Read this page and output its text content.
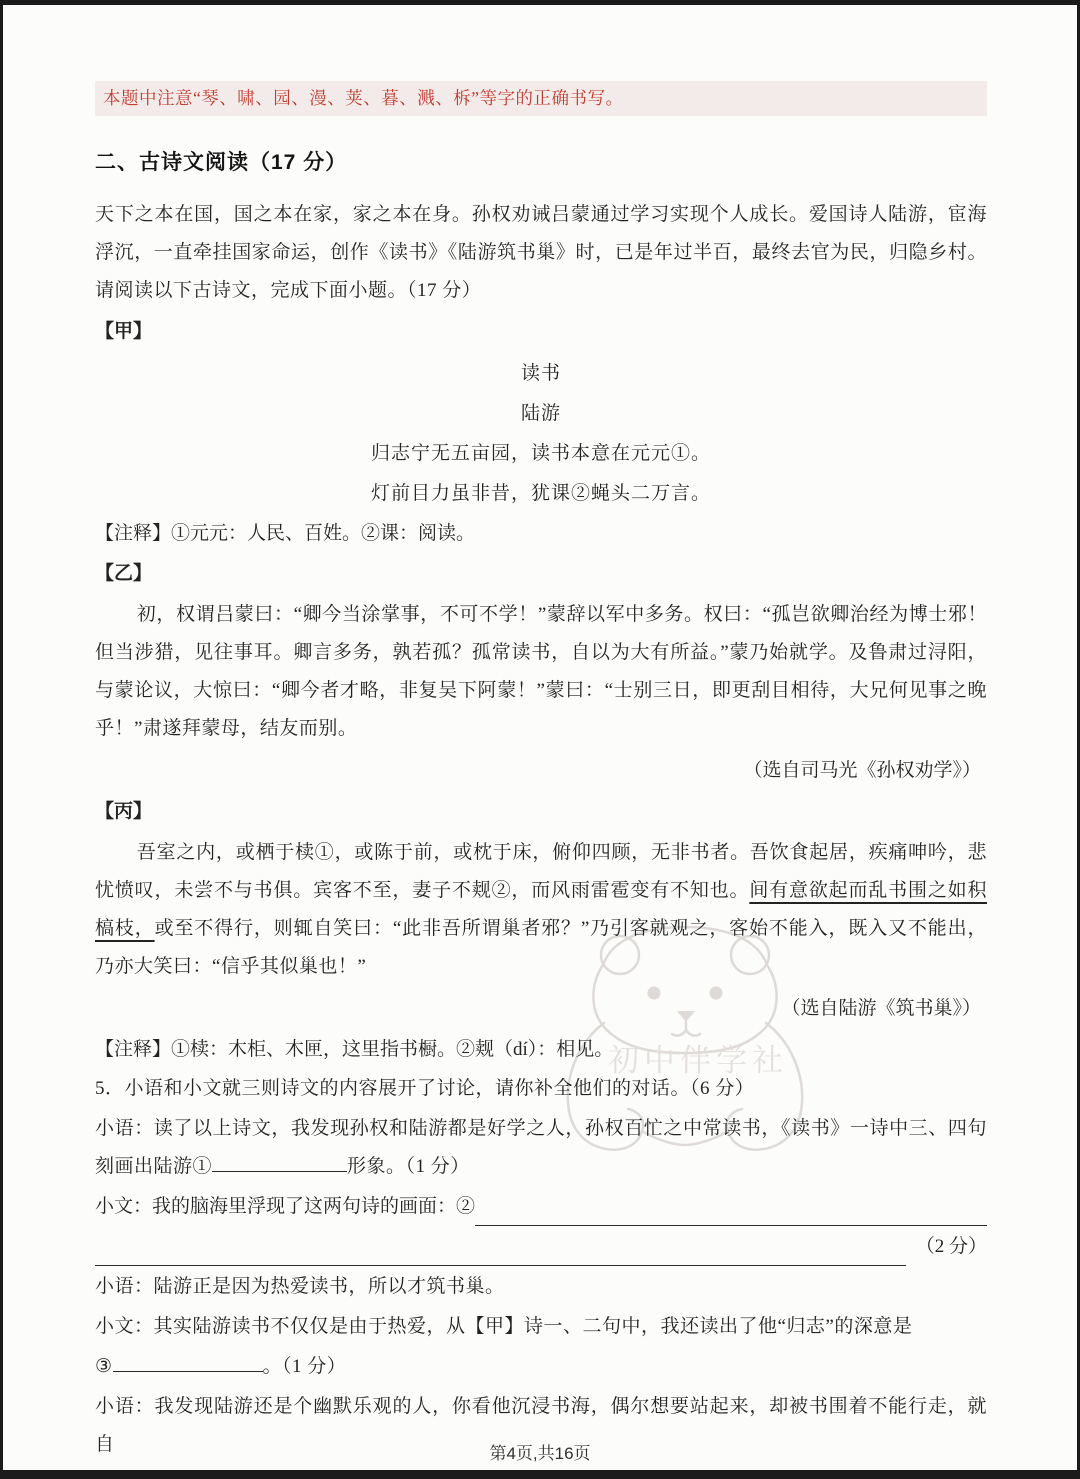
初中伴学社
本题中注意“琴、啸、园、漫、荚、暮、溅、柝”等字的正确书写。
二、古诗文阅读（17 分）

天下之本在国，国之本在家，家之本在身。孙权劝诫吕蒙通过学习实现个人成长。爱国诗人陆游，宦海浮沉，一直牵挂国家命运，创作《读书》《陆游筑书巢》时，已是年过半百，最终去官为民，归隐乡村。请阅读以下古诗文，完成下面小题。（17 分）

【甲】

读书

陆游

归志宁无五亩园，读书本意在元元①。

灯前目力虽非昔，犹课②蝇头二万言。

【注释】①元元：人民、百姓。②课：阅读。

【乙】

初，权谓吕蒙曰：“卿今当涂掌事，不可不学！”蒙辞以军中多务。权曰：“孤岂欲卿治经为博士邪！但当涉猎，见往事耳。卿言多务，孰若孤？孤常读书，自以为大有所益。”蒙乃始就学。及鲁肃过浔阳，与蒙论议，大惊曰：“卿今者才略，非复吴下阿蒙！”蒙曰：“士别三日，即更刮目相待，大兄何见事之晚乎！”肃遂拜蒙母，结友而别。

（选自司马光《孙权劝学》）

【丙】

吾室之内，或栖于椟①，或陈于前，或枕于床，俯仰四顾，无非书者。吾饮食起居，疾痛呻吟，悲忧愤叹，未尝不与书俱。宾客不至，妻子不觌②，而风雨雷雹变有不知也。间有意欲起而乱书围之如积槁枝，或至不得行，则辄自笑曰：“此非吾所谓巢者邪？”乃引客就观之，客始不能入，既入又不能出，乃亦大笑曰：“信乎其似巢也！”

（选自陆游《筑书巢》）

【注释】①椟：木柜、木匣，这里指书橱。②觌（dí）：相见。

5．小语和小文就三则诗文的内容展开了讨论，请你补全他们的对话。（6 分）

小语：读了以上诗文，我发现孙权和陆游都是好学之人，孙权百忙之中常读书，《读书》一诗中三、四句刻画出陆游①	形象。（1 分）

小文：我的脑海里浮现了这两句诗的画面：②
（2 分）

小语：陆游正是因为热爱读书，所以才筑书巢。

小文：其实陆游读书不仅仅是由于热爱，从【甲】诗一、二句中，我还读出了他“归志”的深意是

③	。（1 分）

小语：我发现陆游还是个幽默乐观的人，你看他沉浸书海，偶尔想要站起来，却被书围着不能行走，就自	第4页,共16页
